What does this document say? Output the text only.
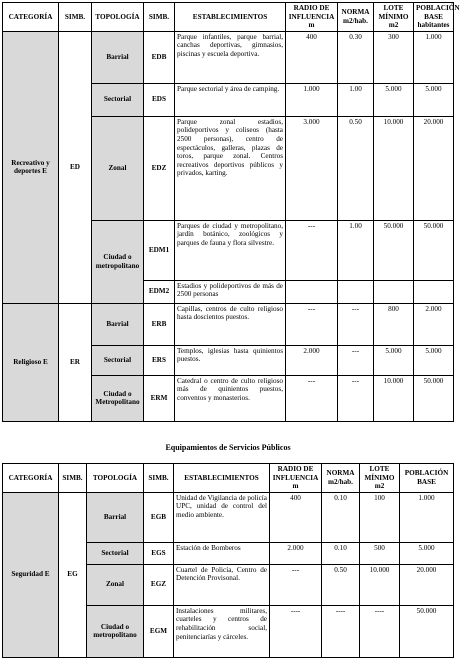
CATEGORÍA	SIMB.	TOPOLOGÍA	SIMB.	ESTABLECIMIENTOS	RADIO DE INFLUENCIA m	NORMA m2/hab.	LOTE MÍNIMO m2	POBLACIÓN BASE habitantes
Recreativo y deportes E	ED	Barrial	EDB	Parque infantiles, parque barrial, canchas deportivas, gimnasios, piscinas y escuela deportiva.	400	0.30	300	1.000
		Sectorial	EDS	Parque sectorial y área de camping.	1.000	1.00	5.000	5.000
		Zonal	EDZ	Parque zonal estadios, polideportivos y coliseos (hasta 2500 personas), centro de espectáculos, galleras, plazas de toros, parque zonal. Centros recreativos deportivos públicos y privados, karting.	3.000	0.50	10.000	20.000
		Ciudad o metropolitano	EDM1	Parques de ciudad y metropolitano, jardín botánico, zoológicos y parques de fauna y flora silvestre.	---	1.00	50.000	50.000
			EDM2	Estadios y polideportivos de más de 2500 personas				
Religioso E	ER	Barrial	ERB	Capillas, centros de culto religioso hasta doscientos puestos.	---	---	800	2.000
		Sectorial	ERS	Templos, iglesias hasta quinientos puestos.	2.000	---	5.000	5.000
		Ciudad o Metropolitano	ERM	Catedral o centro de culto religioso más de quinientos puestos, conventos y monasterios.	---	---	10.000	50.000
Equipamientos de Servicios Públicos
CATEGORÍA	SIMB.	TOPOLOGÍA	SIMB.	ESTABLECIMIENTOS	RADIO DE INFLUENCIA m	NORMA m2/hab.	LOTE MÍNIMO m2	POBLACIÓN BASE
Seguridad E	EG	Barrial	EGB	Unidad de Vigilancia de policía UPC, unidad de control del medio ambiente.	400	0.10	100	1.000
		Sectorial	EGS	Estación de Bomberos	2.000	0.10	500	5.000
		Zonal	EGZ	Cuartel de Policía, Centro de Detención Provisonal.	---	0.50	10.000	20.000
		Ciudad o metropolitano	EGM	Instalaciones militares, cuarteles y centros de rehabilitación social, penitenciarías y cárceles.	----	----	----	50.000
